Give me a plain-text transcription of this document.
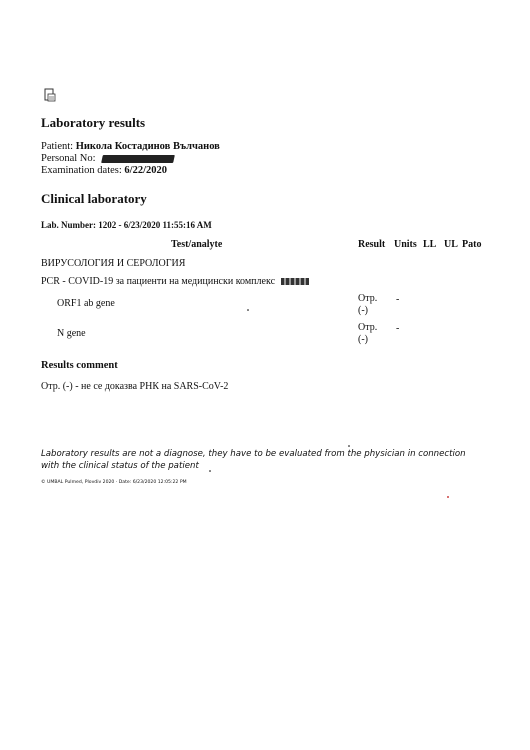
Laboratory results
Patient: Никола Костадинов Вълчанов
Personal No:
Examination dates: 6/22/2020
Clinical laboratory
Lab. Number: 1202 - 6/23/2020 11:55:16 AM
Test/analyte	Result Units LL UL Pato
ВИРУСОЛОГИЯ И СЕРОЛОГИЯ
PCR - COVID-19 за пациенти на медицински комплекс
ORF1 ab gene	Отр.
(-)
-
N gene
Отр.
(-)
-
Results comment
Отр. (-) - не се доказва РНК на SARS-CoV-2
Laboratory results are not a diagnose, they have to be evaluated from the physician in connection with the clinical status of the patient
© UMBAL Pulmed, Plovdiv 2020 · Date: 6/23/2020 12:05:22 PM
